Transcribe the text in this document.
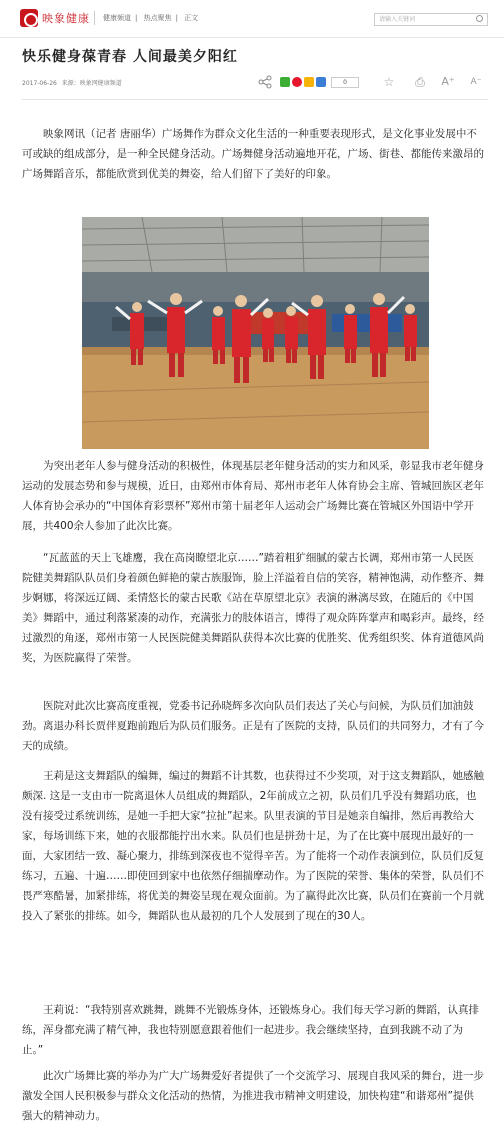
映象健康 健康频道 | 热点聚焦 | 正文
请输入关键词
快乐健身葆青春 人间最美夕阳红
2017-06-26 来源：映象网健康频道	0	☆ ⎙ A⁺ A⁻

映象网讯（记者 唐丽华）广场舞作为群众文化生活的一种重要表现形式，是文化事业发展中不可或缺的组成部分，是一种全民健身活动。广场舞健身活动遍地开花，广场、街巷、都能传来激昂的广场舞蹈音乐，都能欣赏到优美的舞姿，给人们留下了美好的印象。

为突出老年人参与健身活动的积极性，体现基层老年健身活动的实力和风采，彰显我市老年健身运动的发展态势和参与规模，近日，由郑州市体育局、郑州市老年人体育协会主席、管城回族区老年人体育协会承办的“中国体育彩票杯”郑州市第十届老年人运动会广场舞比赛在管城区外国语中学开展，共400余人参加了此次比赛。

“瓦蓝蓝的天上飞雄鹰，我在高岗瞭望北京……”踏着粗犷细腻的蒙古长调，郑州市第一人民医院健美舞蹈队队员们身着颜色鲜艳的蒙古族服饰，脸上洋溢着自信的笑容，精神饱满，动作整齐、舞步婀娜，将深远辽阔、柔情悠长的蒙古民歌《站在草原望北京》表演的淋漓尽致，在随后的《中国美》舞蹈中，通过利落紧凑的动作，充满张力的肢体语言，博得了观众阵阵掌声和喝彩声。最终，经过激烈的角逐，郑州市第一人民医院健美舞蹈队获得本次比赛的优胜奖、优秀组织奖、体育道德风尚奖，为医院赢得了荣誉。

医院对此次比赛高度重视，党委书记孙晓辉多次向队员们表达了关心与问候，为队员们加油鼓劲。离退办科长贾伴夏跑前跑后为队员们服务。正是有了医院的支持，队员们的共同努力，才有了今天的成绩。

王莉是这支舞蹈队的编舞，编过的舞蹈不计其数，也获得过不少奖项，对于这支舞蹈队，她感触颇深. 这是一支由市一院离退休人员组成的舞蹈队，2年前成立之初，队员们几乎没有舞蹈功底，也没有接受过系统训练，是她一手把大家“拉扯”起来。队里表演的节目是她亲自编排，然后再教给大家，每场训练下来，她的衣服都能拧出水来。队员们也是拼劲十足，为了在比赛中展现出最好的一面，大家团结一致、凝心聚力，排练到深夜也不觉得辛苦。为了能将一个动作表演到位，队员们反复练习，五遍、十遍……即使回到家中也依然仔细揣摩动作。为了医院的荣誉、集体的荣誉，队员们不畏严寒酷暑，加紧排练，将优美的舞姿呈现在观众面前。为了赢得此次比赛，队员们在赛前一个月就投入了紧张的排练。如今，舞蹈队也从最初的几个人发展到了现在的30人。

王莉说：“我特别喜欢跳舞，跳舞不光锻炼身体，还锻炼身心。我们每天学习新的舞蹈，认真排练，浑身都充满了精气神，我也特别愿意跟着他们一起进步。我会继续坚持，直到我跳不动了为止。”

此次广场舞比赛的举办为广大广场舞爱好者提供了一个交流学习、展现自我风采的舞台，进一步激发全国人民积极参与群众文化活动的热情，为推进我市精神文明建设，加快构建“和谐郑州”提供强大的精神动力。
